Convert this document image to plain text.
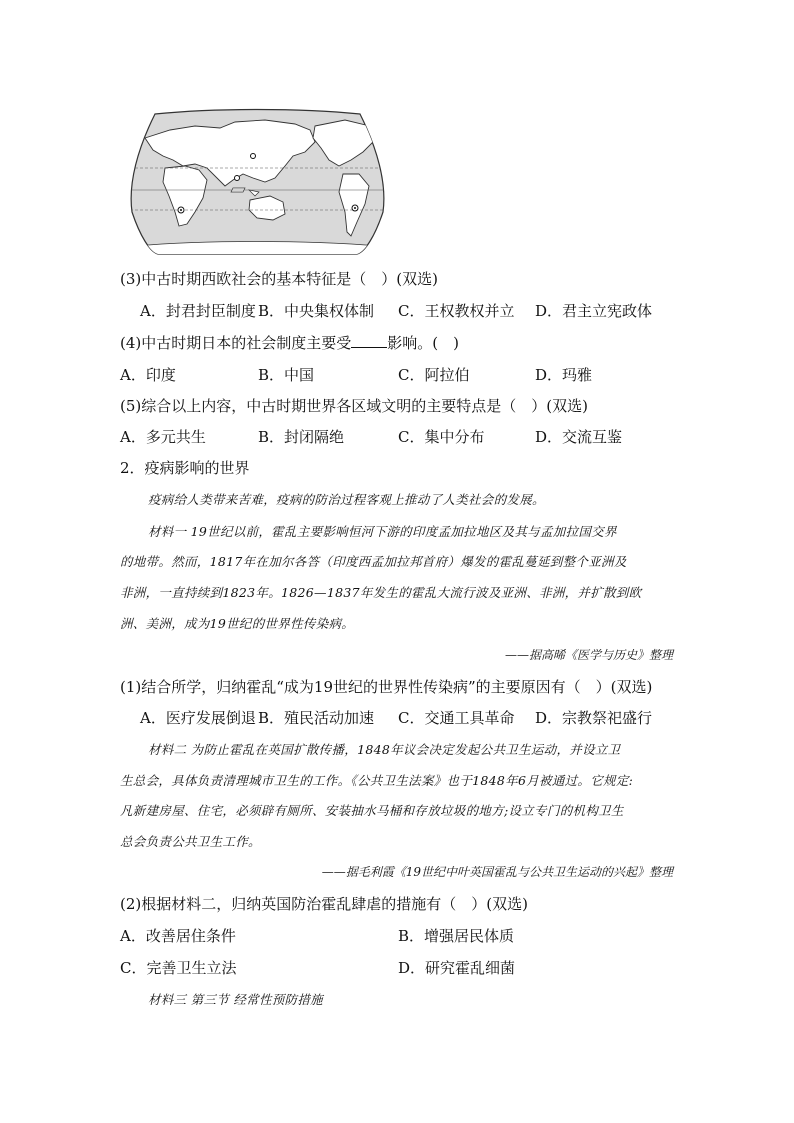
(3)中古时期西欧社会的基本特征是（　）(双选)
A．封君封臣制度 B．中央集权体制 C．王权教权并立 D．君主立宪政体
(4)中古时期日本的社会制度主要受 影响。(　)
A．印度	B．中国	C．阿拉伯	D．玛雅
(5)综合以上内容，中古时期世界各区域文明的主要特点是（　）(双选)
A．多元共生	B．封闭隔绝	C．集中分布	D．交流互鉴
2．疫病影响的世界
疫病给人类带来苦难，疫病的防治过程客观上推动了人类社会的发展。
材料一 19世纪以前，霍乱主要影响恒河下游的印度孟加拉地区及其与孟加拉国交界
的地带。然而，1817年在加尔各答（印度西孟加拉邦首府）爆发的霍乱蔓延到整个亚洲及
非洲，一直持续到1823年。1826—1837年发生的霍乱大流行波及亚洲、非洲，并扩散到欧
洲、美洲，成为19世纪的世界性传染病。
——据高晞《医学与历史》整理
(1)结合所学，归纳霍乱“成为19世纪的世界性传染病”的主要原因有（　）(双选)
A．医疗发展倒退 B．殖民活动加速 C．交通工具革命 D．宗教祭祀盛行
材料二 为防止霍乱在英国扩散传播，1848年议会决定发起公共卫生运动，并设立卫
生总会，具体负责清理城市卫生的工作。《公共卫生法案》也于1848年6月被通过。它规定:
凡新建房屋、住宅，必须辟有厕所、安装抽水马桶和存放垃圾的地方;设立专门的机构卫生
总会负责公共卫生工作。
——据毛利霞《19世纪中叶英国霍乱与公共卫生运动的兴起》整理
(2)根据材料二，归纳英国防治霍乱肆虐的措施有（　）(双选)
A．改善居住条件	B．增强居民体质
C．完善卫生立法	D．研究霍乱细菌
材料三 第三节 经常性预防措施
